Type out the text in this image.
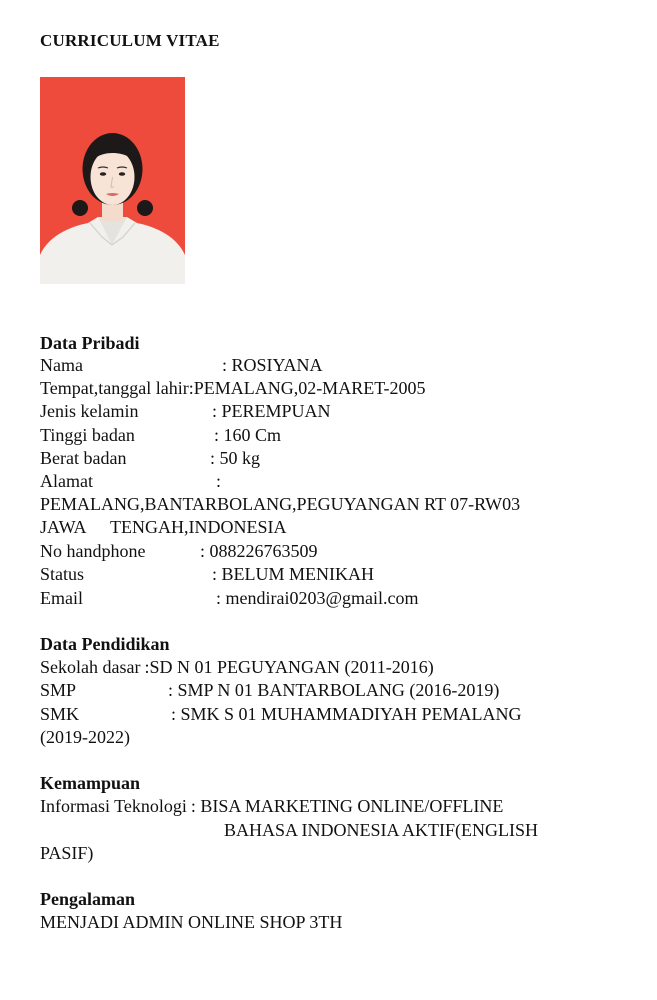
CURRICULUM VITAE
Data Pribadi
Nama	: ROSIYANA
Tempat,tanggal lahir:PEMALANG,02-MARET-2005
Jenis kelamin	: PEREMPUAN
Tinggi badan	: 160 Cm
Berat badan	: 50 kg
Alamat	:
PEMALANG,BANTARBOLANG,PEGUYANGAN RT 07-RW03
JAWA TENGAH,INDONESIA
No handphone	: 088226763509
Status	: BELUM MENIKAH
Email	: mendirai0203@gmail.com
Data Pendidikan
Sekolah dasar :SD N 01 PEGUYANGAN (2011-2016)
SMP	: SMP N 01 BANTARBOLANG (2016-2019)
SMK	: SMK S 01 MUHAMMADIYAH PEMALANG
(2019-2022)
Kemampuan
Informasi Teknologi : BISA MARKETING ONLINE/OFFLINE
BAHASA INDONESIA AKTIF(ENGLISH
PASIF)
Pengalaman
MENJADI ADMIN ONLINE SHOP 3TH
